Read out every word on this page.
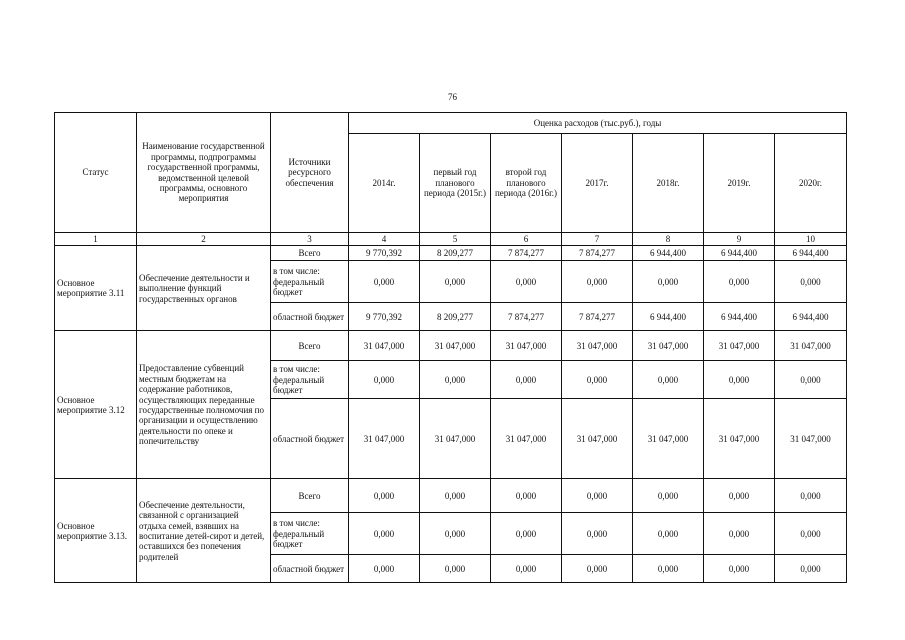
76
Статус	Наименование государственной программы, подпрограммы государственной программы, ведомственной целевой программы, основного мероприятия	Источники ресурсного обеспечения	Оценка расходов (тыс.руб.), годы						
			2014г.	первый год планового периода (2015г.)	второй год планового периода (2016г.)	2017г.	2018г.	2019г.	2020г.
1	2	3	4	5	6	7	8	9	10
Основное мероприятие 3.11	Обеспечение деятельности и выполнение функций государственных органов	Всего	9 770,392	8 209,277	7 874,277	7 874,277	6 944,400	6 944,400	6 944,400
		в том числе: федеральный бюджет	0,000	0,000	0,000	0,000	0,000	0,000	0,000
		областной бюджет	9 770,392	8 209,277	7 874,277	7 874,277	6 944,400	6 944,400	6 944,400
Основное мероприятие 3.12	Предоставление субвенций местным бюджетам на содержание работников, осуществляющих переданные государственные полномочия по организации и осуществлению деятельности по опеке и попечительству	Всего	31 047,000	31 047,000	31 047,000	31 047,000	31 047,000	31 047,000	31 047,000
		в том числе: федеральный бюджет	0,000	0,000	0,000	0,000	0,000	0,000	0,000
		областной бюджет	31 047,000	31 047,000	31 047,000	31 047,000	31 047,000	31 047,000	31 047,000
Основное мероприятие 3.13.	Обеспечение деятельности, связанной с организацией отдыха семей, взявших на воспитание детей-сирот и детей, оставшихся без попечения родителей	Всего	0,000	0,000	0,000	0,000	0,000	0,000	0,000
		в том числе: федеральный бюджет	0,000	0,000	0,000	0,000	0,000	0,000	0,000
		областной бюджет	0,000	0,000	0,000	0,000	0,000	0,000	0,000
